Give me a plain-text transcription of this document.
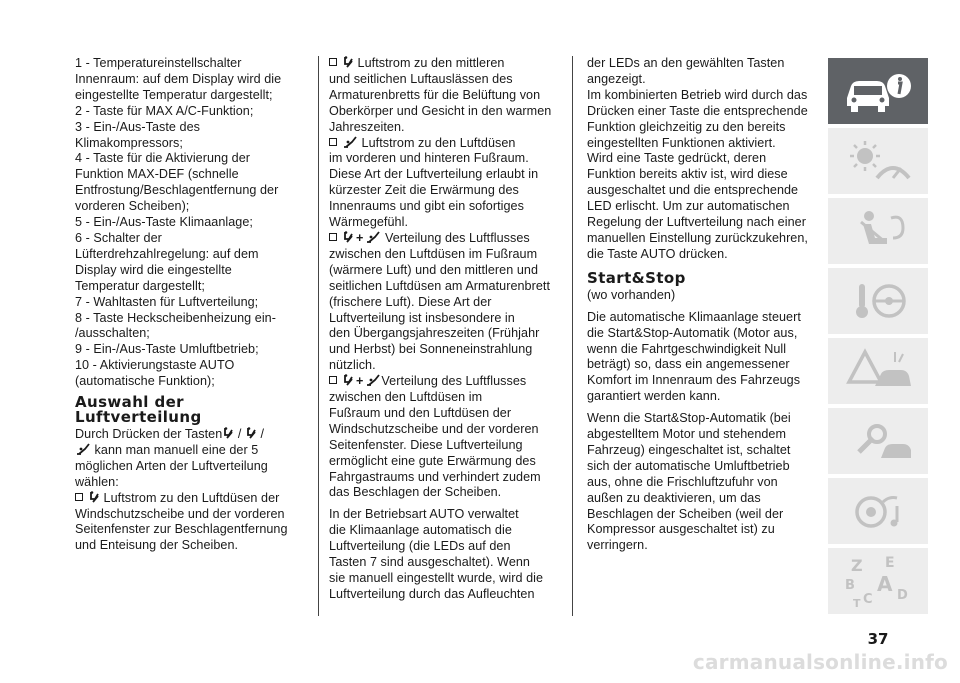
1 - Temperatureinstellschalter

Innenraum: auf dem Display wird die

eingestellte Temperatur dargestellt;

2 - Taste für MAX A/C-Funktion;

3 - Ein-/Aus-Taste des

Klimakompressors;

4 - Taste für die Aktivierung der

Funktion MAX-DEF (schnelle

Entfrostung/Beschlagentfernung der

vorderen Scheiben);

5 - Ein-/Aus-Taste Klimaanlage;

6 - Schalter der

Lüfterdrehzahlregelung: auf dem

Display wird die eingestellte

Temperatur dargestellt;

7 - Wahltasten für Luftverteilung;

8 - Taste Heckscheibenheizung ein-

/ausschalten;

9 - Ein-/Aus-Taste Umluftbetrieb;

10 - Aktivierungstaste AUTO

(automatische Funktion);

Auswahl der
Luftverteilung

Durch Drücken der Tasten /  /

kann man manuell eine der 5

möglichen Arten der Luftverteilung

wählen:

Luftstrom zu den Luftdüsen der

Windschutzscheibe und der vorderen

Seitenfenster zur Beschlagentfernung

und Enteisung der Scheiben.

Luftstrom zu den mittleren

und seitlichen Luftauslässen des

Armaturenbretts für die Belüftung von

Oberkörper und Gesicht in den warmen

Jahreszeiten.

Luftstrom zu den Luftdüsen

im vorderen und hinteren Fußraum.

Diese Art der Luftverteilung erlaubt in

kürzester Zeit die Erwärmung des

Innenraums und gibt ein sofortiges

Wärmegefühl.

+ Verteilung des Luftflusses

zwischen den Luftdüsen im Fußraum

(wärmere Luft) und den mittleren und

seitlichen Luftdüsen am Armaturenbrett

(frischere Luft). Diese Art der

Luftverteilung ist insbesondere in

den Übergangsjahreszeiten (Frühjahr

und Herbst) bei Sonneneinstrahlung

nützlich.

+ Verteilung des Luftflusses

zwischen den Luftdüsen im

Fußraum und den Luftdüsen der

Windschutzscheibe und der vorderen

Seitenfenster. Diese Luftverteilung

ermöglicht eine gute Erwärmung des

Fahrgastraums und verhindert zudem

das Beschlagen der Scheiben.

In der Betriebsart AUTO verwaltet

die Klimaanlage automatisch die

Luftverteilung (die LEDs auf den

Tasten 7 sind ausgeschaltet). Wenn

sie manuell eingestellt wurde, wird die

Luftverteilung durch das Aufleuchten

der LEDs an den gewählten Tasten

angezeigt.

Im kombinierten Betrieb wird durch das

Drücken einer Taste die entsprechende

Funktion gleichzeitig zu den bereits

eingestellten Funktionen aktiviert.

Wird eine Taste gedrückt, deren

Funktion bereits aktiv ist, wird diese

ausgeschaltet und die entsprechende

LED erlischt. Um zur automatischen

Regelung der Luftverteilung nach einer

manuellen Einstellung zurückzukehren,

die Taste AUTO drücken.

Start&Stop

(wo vorhanden)

Die automatische Klimaanlage steuert

die Start&Stop-Automatik (Motor aus,

wenn die Fahrtgeschwindigkeit Null

beträgt) so, dass ein angemessener

Komfort im Innenraum des Fahrzeugs

garantiert werden kann.

Wenn die Start&Stop-Automatik (bei

abgestelltem Motor und stehendem

Fahrzeug) eingeschaltet ist, schaltet

sich der automatische Umluftbetrieb

aus, ohne die Frischluftzufuhr von

außen zu deaktivieren, um das

Beschlagen der Scheiben (weil der

Kompressor ausgeschaltet ist) zu

verringern.

Z E
B
C
A
T
D
37
carmanualsonline.info
